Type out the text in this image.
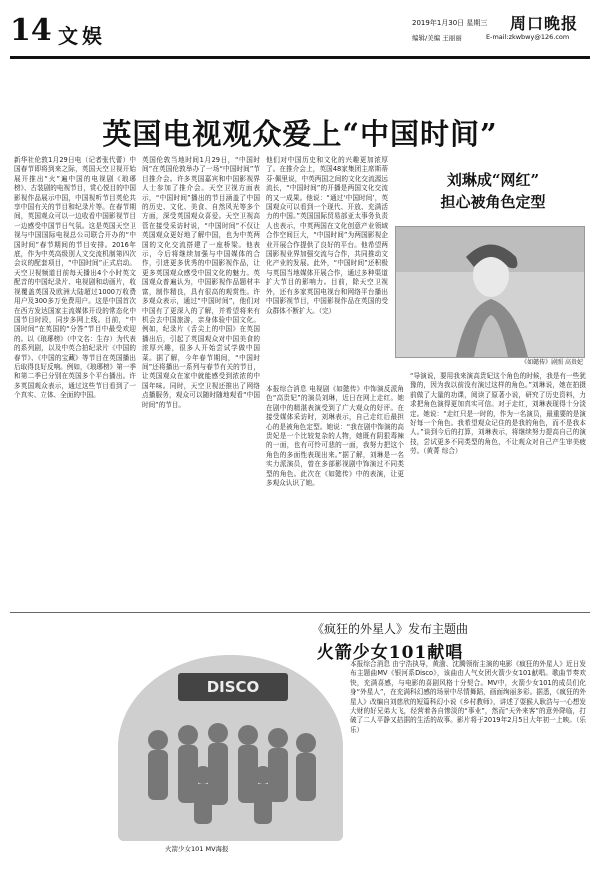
14 文娱
2019年1月30日 星期三 周口晚报
编辑/美编 王丽丽	E-mail:zkwbwy@126.com
英国电视观众爱上“中国时间”
新华社伦敦1月29日电（记者张代蕾）中国春节即将到来之际，英国天空卫视开始展开推出“火”遍中国的电视剧《琅琊榜》、古装剧的电视节目，赏心悦目的中国影视作品展示中国，中国视听节目英伦共享中国有关的节目和纪录片等。在春节期间，英国观众可以一边收看中国影视节目一边感受中国节日气氛。这是英国天空卫视与中国国际电视总公司联合开办的“中国时间”春节期间的节目安排。2016年底，作为中英高级别人文交流机制第四次会议的配套项目，“中国时间”正式启动。天空卫视频道目前每天播出4个小时英文配音的中国纪录片、电视剧和动画片，收视覆盖英国及欧洲大陆超过1000万收费用户及300多万免费用户。这是中国首次在西方发达国家主流媒体开设的常态化中国节目时段，同步多网上线。目前，“中国时间”在英国的“分答”节目中最受欢迎的。以《琅琊榜》（中文名：生存）为代表的系列剧，以及中英合拍纪录片《中国的春节》、《中国的宝藏》等节目在英国播出后取得良好反响。例如，《琅琊榜》第一季和第二季已分别在英国多个平台播出。许多英国观众表示，通过这些节目看到了一个真实、立体、全面的中国。
英国伦敦当地时间1月29日，“中国时间”在英国伦敦举办了一场“中国时间”节目推介会。许多英国嘉宾和中国影视界人士参加了推介会。天空卫视方面表示，“中国时间”播出的节目涵盖了中国的历史、文化、美食、自然风光等多个方面，深受英国观众喜爱。天空卫视高管在接受采访时说，“中国时间”不仅让英国观众更好地了解中国，也为中英两国的文化交流搭建了一座桥梁。他表示，今后将继续加强与中国媒体的合作，引进更多优秀的中国影视作品，让更多英国观众感受中国文化的魅力。英国观众普遍认为，中国影视作品题材丰富，制作精良，具有很高的观赏性。许多观众表示，通过“中国时间”，他们对中国有了更深入的了解，并希望将来有机会去中国旅游，亲身体验中国文化。例如，纪录片《舌尖上的中国》在英国播出后，引起了英国观众对中国美食的浓厚兴趣，很多人开始尝试学做中国菜。据了解，今年春节期间，“中国时间”还将播出一系列与春节有关的节目，让英国观众在家中就能感受到浓浓的中国年味。同时，天空卫视还推出了网络点播服务，观众可以随时随地观看“中国时间”的节目。
他们对中国历史和文化的兴趣更加浓厚了。在推介会上，英国48家集团主席斯蒂芬·佩里说，中英两国之间的文化交流源远流长，“中国时间”的开播是两国文化交流的又一成果。他说：“通过‘中国时间’，英国观众可以看到一个现代、开放、充满活力的中国。”英国国际贸易部亚太事务负责人也表示，中英两国在文化创意产业领域合作空间巨大，“中国时间”为两国影视企业开展合作提供了良好的平台。他希望两国影视业界加强交流与合作，共同推动文化产业的发展。此外，“中国时间”还积极与英国当地媒体开展合作，通过多种渠道扩大节目的影响力。目前，除天空卫视外，还有多家英国电视台和网络平台播出中国影视节目，中国影视作品在英国的受众群体不断扩大。（完）
刘琳成“网红”
担心被角色定型
《如懿传》剧照 高贵妃
本报综合消息 电视剧《如懿传》中饰演反派角色“高贵妃”的演员刘琳，近日在网上走红。她在剧中的精湛表演受到了广大观众的好评。在接受媒体采访时，刘琳表示，自己走红后最担心的是被角色定型。她说：“我在剧中饰演的高贵妃是一个比较复杂的人物，她既有阴狠毒辣的一面，也有可怜可悲的一面，我努力把这个角色的多面性表现出来。”据了解，刘琳是一名实力派演员，曾在多部影视剧中饰演过不同类型的角色。此次在《如懿传》中的表演，让更多观众认识了她。
“导演说，要用我来演高贵妃这个角色的时候，我是有一些犹豫的，因为我以前没有演过这样的角色。”刘琳说，她在拍摄前做了大量的功课，阅读了原著小说，研究了历史资料，力求把角色演得更加真实可信。对于走红，刘琳表现得十分淡定。她说：“走红只是一时的，作为一名演员，最重要的是演好每一个角色。我希望观众记住的是我的角色，而不是我本人。”谈到今后的打算，刘琳表示，将继续努力提高自己的演技，尝试更多不同类型的角色，不让观众对自己产生审美疲劳。（黄菁 综合）
《疯狂的外星人》发布主题曲
火箭少女101献唱
DISCO
火箭少女101 MV海报
本报综合消息 由宁浩执导，黄渤、沈腾领衔主演的电影《疯狂的外星人》近日发布主题曲MV《银河系Disco》，该曲由人气女团火箭少女101献唱。歌曲节奏欢快，充满喜感，与电影的喜剧风格十分契合。MV中，火箭少女101的成员们化身“外星人”，在充满科幻感的场景中尽情舞蹈，画面绚丽多彩。据悉，《疯狂的外星人》改编自刘慈欣的短篇科幻小说《乡村教师》，讲述了耍猴人耿浩与一心想发大财的好兄弟大飞，经营着各自惨淡的“事业”，然而“天外来客”的意外降临，打破了二人平静又拮据的生活的故事。影片将于2019年2月5日大年初一上映。（乐乐）
